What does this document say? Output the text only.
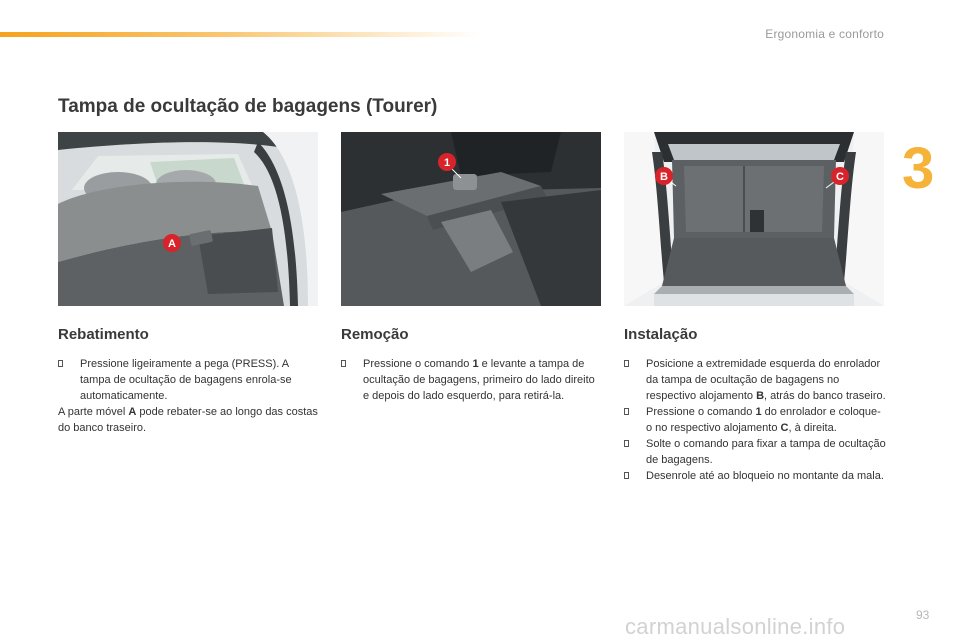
Ergonomia e conforto
3
Tampa de ocultação de bagagens (Tourer)
A
1
B	C
Rebatimento
Pressione ligeiramente a pega (PRESS). A tampa de ocultação de bagagens enrola-se automaticamente.
A parte móvel A pode rebater-se ao longo das costas do banco traseiro.
Remoção
Pressione o comando 1 e levante a tampa de ocultação de bagagens, primeiro do lado direito e depois do lado esquerdo, para retirá-la.
Instalação
Posicione a extremidade esquerda do enrolador da tampa de ocultação de bagagens no respectivo alojamento B, atrás do banco traseiro.
Pressione o comando 1 do enrolador e coloque-o no respectivo alojamento C, à direita.
Solte o comando para fixar a tampa de ocultação de bagagens.
Desenrole até ao bloqueio no montante da mala.
carmanualsonline.info	93
